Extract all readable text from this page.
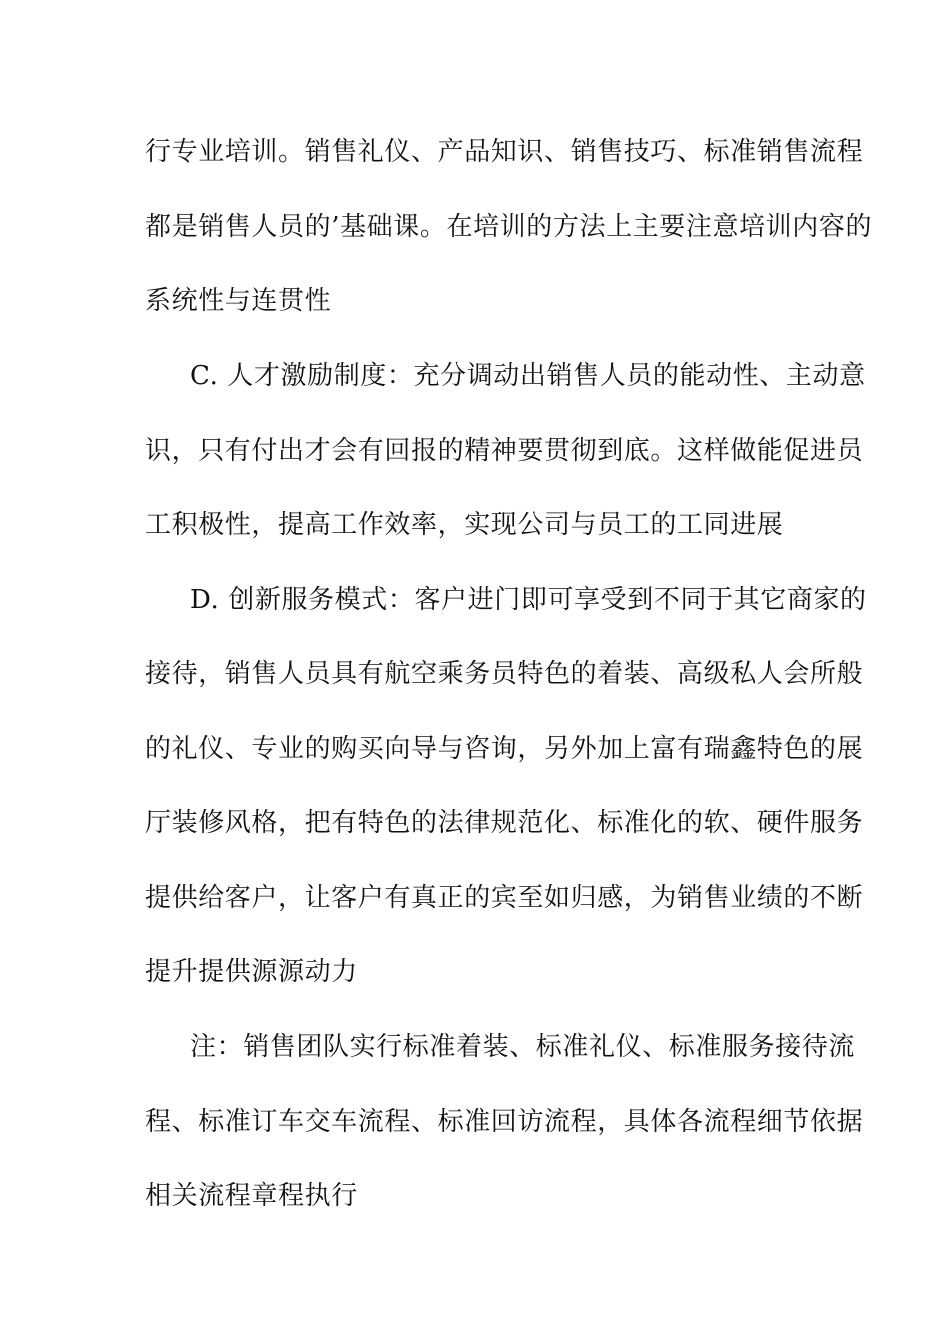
行专业培训。销售礼仪、产品知识、销售技巧、标准销售流程
都是销售人员的’基础课。在培训的方法上主要注意培训内容的
系统性与连贯性
C. 人才激励制度：充分调动出销售人员的能动性、主动意
识，只有付出才会有回报的精神要贯彻到底。这样做能促进员
工积极性，提高工作效率，实现公司与员工的工同进展
D. 创新服务模式：客户进门即可享受到不同于其它商家的
接待，销售人员具有航空乘务员特色的着装、高级私人会所般
的礼仪、专业的购买向导与咨询，另外加上富有瑞鑫特色的展
厅装修风格，把有特色的法律规范化、标准化的软、硬件服务
提供给客户，让客户有真正的宾至如归感，为销售业绩的不断
提升提供源源动力
注：销售团队实行标准着装、标准礼仪、标准服务接待流
程、标准订车交车流程、标准回访流程，具体各流程细节依据
相关流程章程执行
